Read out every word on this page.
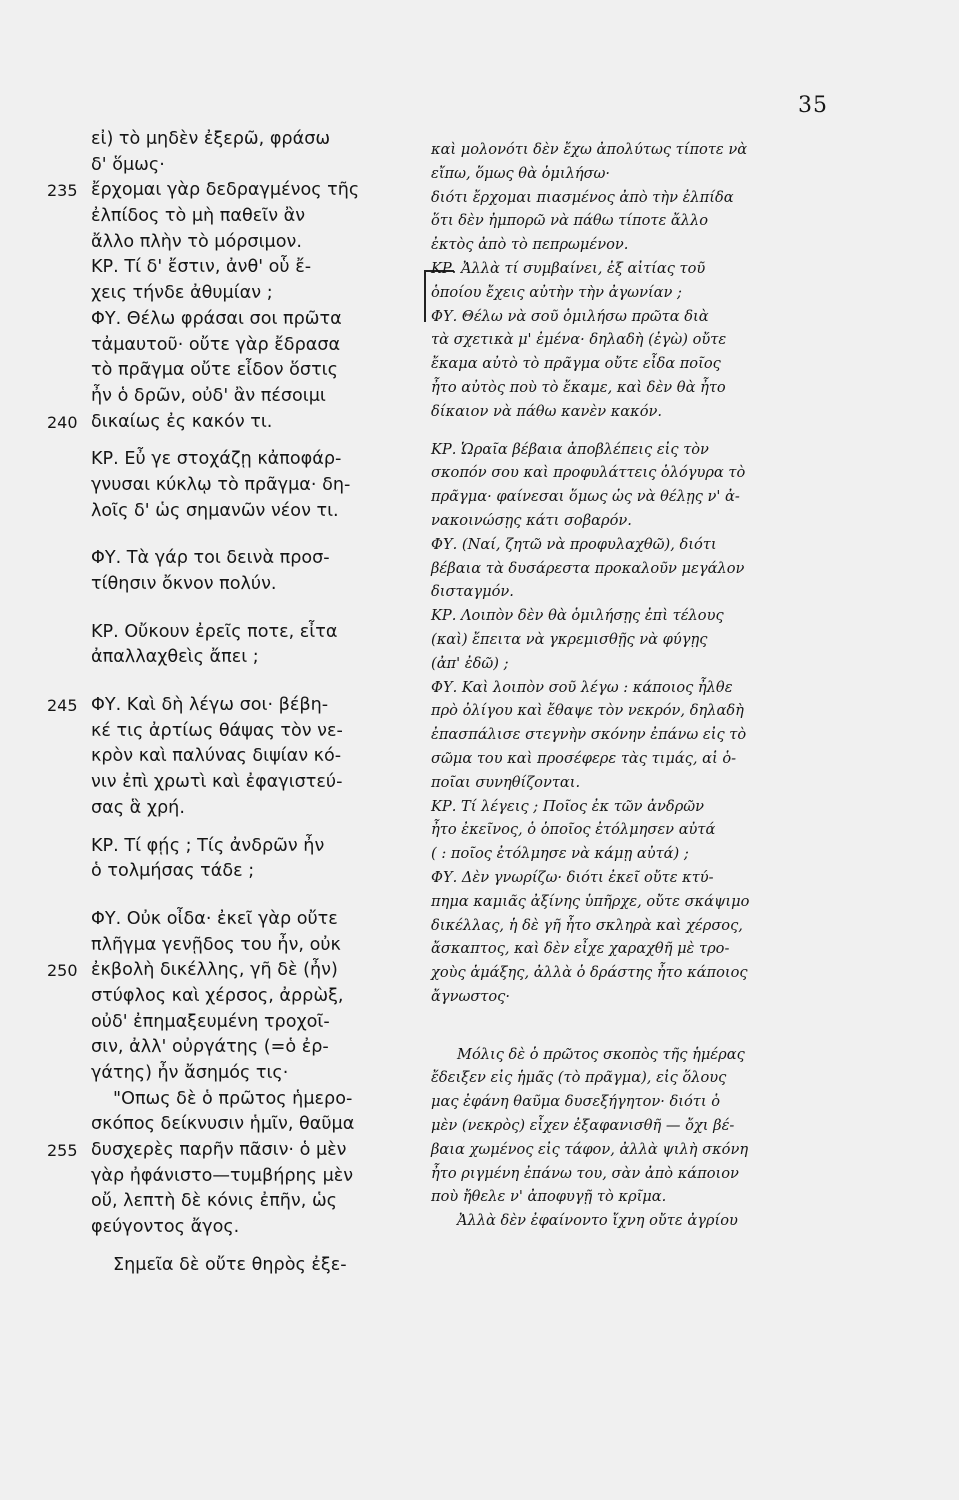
35
εἰ) τὸ μηδὲν ἐξερῶ, φράσω
δ' ὅμως·
235 ἔρχομαι γὰρ δεδραγμένος τῆς
ἐλπίδος τὸ μὴ παθεῖν ἂν
ἄλλο πλὴν τὸ μόρσιμον.
ΚΡ. Τί δ' ἔστιν, ἀνθ' οὗ ἔ-
χεις τήνδε ἀθυμίαν ;
ΦΥ. Θέλω φράσαι σοι πρῶτα
τἀμαυτοῦ· οὔτε γὰρ ἔδρασα
τὸ πρᾶγμα οὔτε εἶδον ὅστις
ἦν ὁ δρῶν, οὐδ' ἂν πέσοιμι
240 δικαίως ἐς κακόν τι.
ΚΡ. Εὖ γε στοχάζῃ κἀποφάρ-
γνυσαι κύκλῳ τὸ πρᾶγμα· δη-
λοῖς δ' ὡς σημανῶν νέον τι.
ΦΥ. Τὰ γάρ τοι δεινὰ προσ-
τίθησιν ὄκνον πολύν.
ΚΡ. Οὔκουν ἐρεῖς ποτε, εἶτα
ἀπαλλαχθεὶς ἄπει ;
245 ΦΥ. Καὶ δὴ λέγω σοι· βέβη-
κέ τις ἀρτίως θάψας τὸν νε-
κρὸν καὶ παλύνας διψίαν κό-
νιν ἐπὶ χρωτὶ καὶ ἐφαγιστεύ-
σας ἃ χρή.
ΚΡ. Τί φῄς ; Τίς ἀνδρῶν ἦν
ὁ τολμήσας τάδε ;
ΦΥ. Οὐκ οἶδα· ἐκεῖ γὰρ οὔτε
πλῆγμα γενῇδος του ἦν, οὐκ
250 ἐκβολὴ δικέλλης, γῆ δὲ (ἦν)
στύφλος καὶ χέρσος, ἀρρὼξ,
οὐδ' ἐπημαξευμένη τροχοῖ-
σιν, ἀλλ' οὐργάτης (=ὁ ἐρ-
γάτης) ἦν ἄσημός τις·
"Οπως δὲ ὁ πρῶτος ἡμερο-
σκόπος δείκνυσιν ἡμῖν, θαῦμα
255 δυσχερὲς παρῆν πᾶσιν· ὁ μὲν
γὰρ ἠφάνιστο—τυμβήρης μὲν
οὔ, λεπτὴ δὲ κόνις ἐπῆν, ὡς
φεύγοντος ἄγος.
Σημεῖα δὲ οὔτε θηρὸς ἐξε-
καὶ μολονότι δὲν ἔχω ἀπολύτως τίποτε νὰ
εἴπω, ὅμως θὰ ὁμιλήσω·
διότι ἔρχομαι πιασμένος ἀπὸ τὴν ἐλπίδα
ὅτι δὲν ἠμπορῶ νὰ πάθω τίποτε ἄλλο
ἐκτὸς ἀπὸ τὸ πεπρωμένον.
ΚΡ. Ἀλλὰ τί συμβαίνει, ἐξ αἰτίας τοῦ
ὁποίου ἔχεις αὐτὴν τὴν ἀγωνίαν ;
ΦΥ. Θέλω νὰ σοῦ ὁμιλήσω πρῶτα διὰ
τὰ σχετικὰ μ' ἐμένα· δηλαδὴ (ἐγὼ) οὔτε
ἔκαμα αὐτὸ τὸ πρᾶγμα οὔτε εἶδα ποῖος
ἦτο αὐτὸς ποὺ τὸ ἔκαμε, καὶ δὲν θὰ ἦτο
δίκαιον νὰ πάθω κανὲν κακόν.
ΚΡ. Ὡραῖα βέβαια ἀποβλέπεις εἰς τὸν
σκοπόν σου καὶ προφυλάττεις ὁλόγυρα τὸ
πρᾶγμα· φαίνεσαι ὅμως ὡς νὰ θέλῃς ν' ἀ-
νακοινώσῃς κάτι σοβαρόν.
ΦΥ. (Ναί, ζητῶ νὰ προφυλαχθῶ), διότι
βέβαια τὰ δυσάρεστα προκαλοῦν μεγάλον
δισταγμόν.
ΚΡ. Λοιπὸν δὲν θὰ ὁμιλήσῃς ἐπὶ τέλους
(καὶ) ἔπειτα νὰ γκρεμισθῇς νὰ φύγῃς
(ἀπ' ἐδῶ) ;
ΦΥ. Καὶ λοιπὸν σοῦ λέγω : κάποιος ἦλθε
πρὸ ὀλίγου καὶ ἔθαψε τὸν νεκρόν, δηλαδὴ
ἐπασπάλισε στεγνὴν σκόνην ἐπάνω εἰς τὸ
σῶμα του καὶ προσέφερε τὰς τιμάς, αἱ ὁ-
ποῖαι συνηθίζονται.
ΚΡ. Τί λέγεις ; Ποῖος ἐκ τῶν ἀνδρῶν
ἦτο ἐκεῖνος, ὁ ὁποῖος ἐτόλμησεν αὐτά
( : ποῖος ἐτόλμησε νὰ κάμῃ αὐτά) ;
ΦΥ. Δὲν γνωρίζω· διότι ἐκεῖ οὔτε κτύ-
πημα καμιᾶς ἀξίνης ὑπῆρχε, οὔτε σκάψιμο
δικέλλας, ἡ δὲ γῆ ἦτο σκληρὰ καὶ χέρσος,
ἄσκαπτος, καὶ δὲν εἶχε χαραχθῆ μὲ τρο-
χοὺς ἁμάξης, ἀλλὰ ὁ δράστης ἦτο κάποιος
ἄγνωστος·
Μόλις δὲ ὁ πρῶτος σκοπὸς τῆς ἡμέρας
ἔδειξεν εἰς ἡμᾶς (τὸ πρᾶγμα), εἰς ὅλους
μας ἐφάνη θαῦμα δυσεξήγητον· διότι ὁ
μὲν (νεκρὸς) εἶχεν ἐξαφανισθῆ — ὄχι βέ-
βαια χωμένος εἰς τάφον, ἀλλὰ ψιλὴ σκόνη
ἦτο ριγμένη ἐπάνω του, σὰν ἀπὸ κάποιον
ποὺ ἤθελε ν' ἀποφυγῇ τὸ κρῖμα.
Ἀλλὰ δὲν ἐφαίνοντο ἴχνη οὔτε ἀγρίου
